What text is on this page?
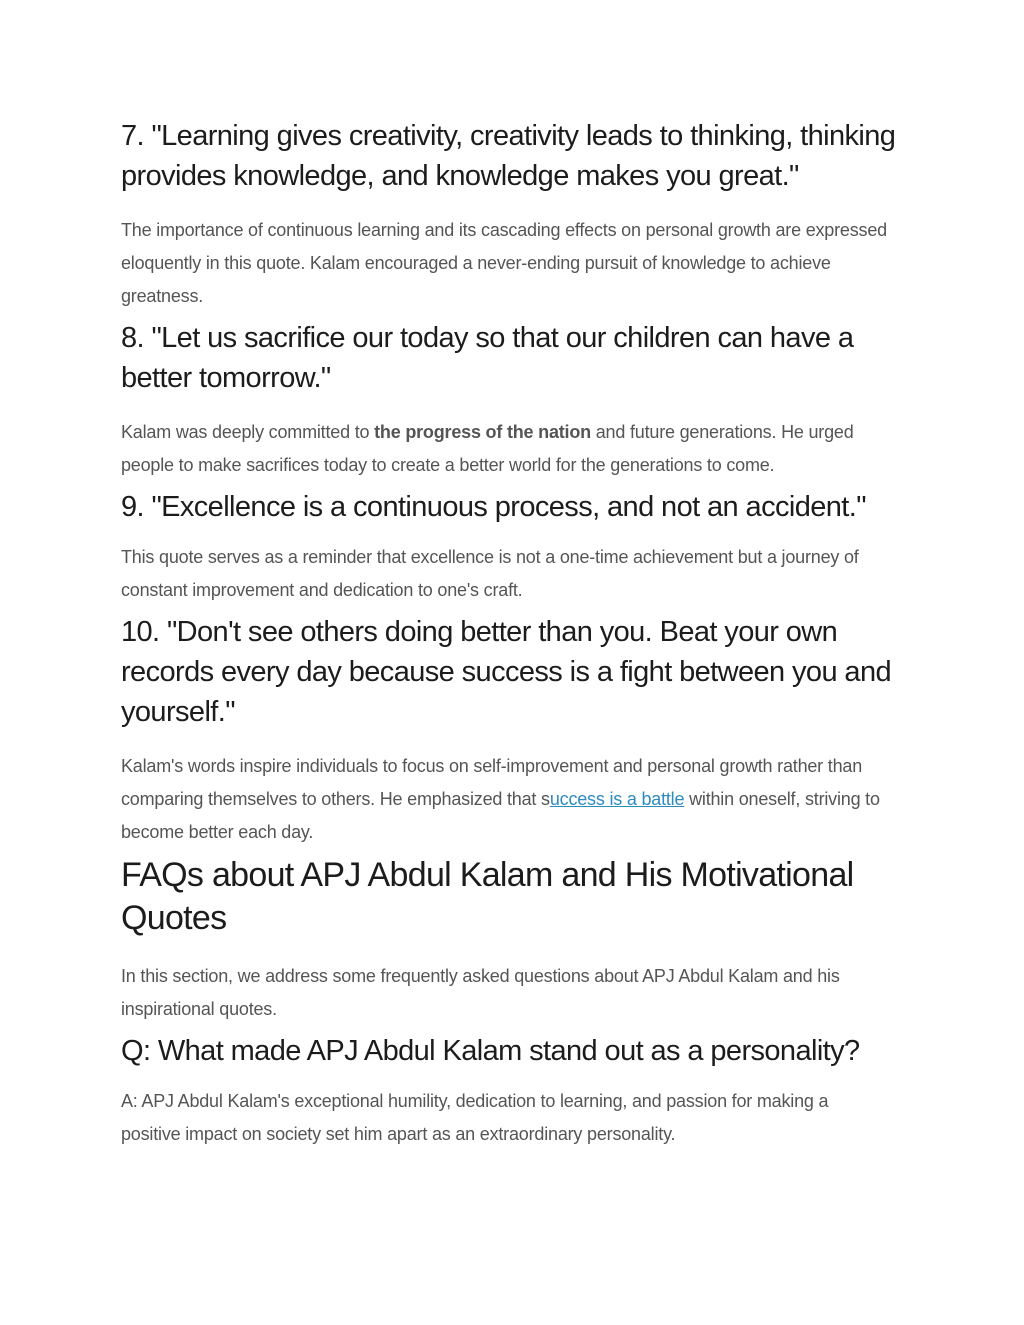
7. "Learning gives creativity, creativity leads to thinking, thinking provides knowledge, and knowledge makes you great."

The importance of continuous learning and its cascading effects on personal growth are expressed eloquently in this quote. Kalam encouraged a never-ending pursuit of knowledge to achieve greatness.

8. "Let us sacrifice our today so that our children can have a better tomorrow."

Kalam was deeply committed to the progress of the nation and future generations. He urged people to make sacrifices today to create a better world for the generations to come.

9. "Excellence is a continuous process, and not an accident."

This quote serves as a reminder that excellence is not a one-time achievement but a journey of constant improvement and dedication to one's craft.

10. "Don't see others doing better than you. Beat your own records every day because success is a fight between you and yourself."

Kalam's words inspire individuals to focus on self-improvement and personal growth rather than comparing themselves to others. He emphasized that success is a battle within oneself, striving to become better each day.

FAQs about APJ Abdul Kalam and His Motivational Quotes

In this section, we address some frequently asked questions about APJ Abdul Kalam and his inspirational quotes.

Q: What made APJ Abdul Kalam stand out as a personality?

A: APJ Abdul Kalam's exceptional humility, dedication to learning, and passion for making a positive impact on society set him apart as an extraordinary personality.
